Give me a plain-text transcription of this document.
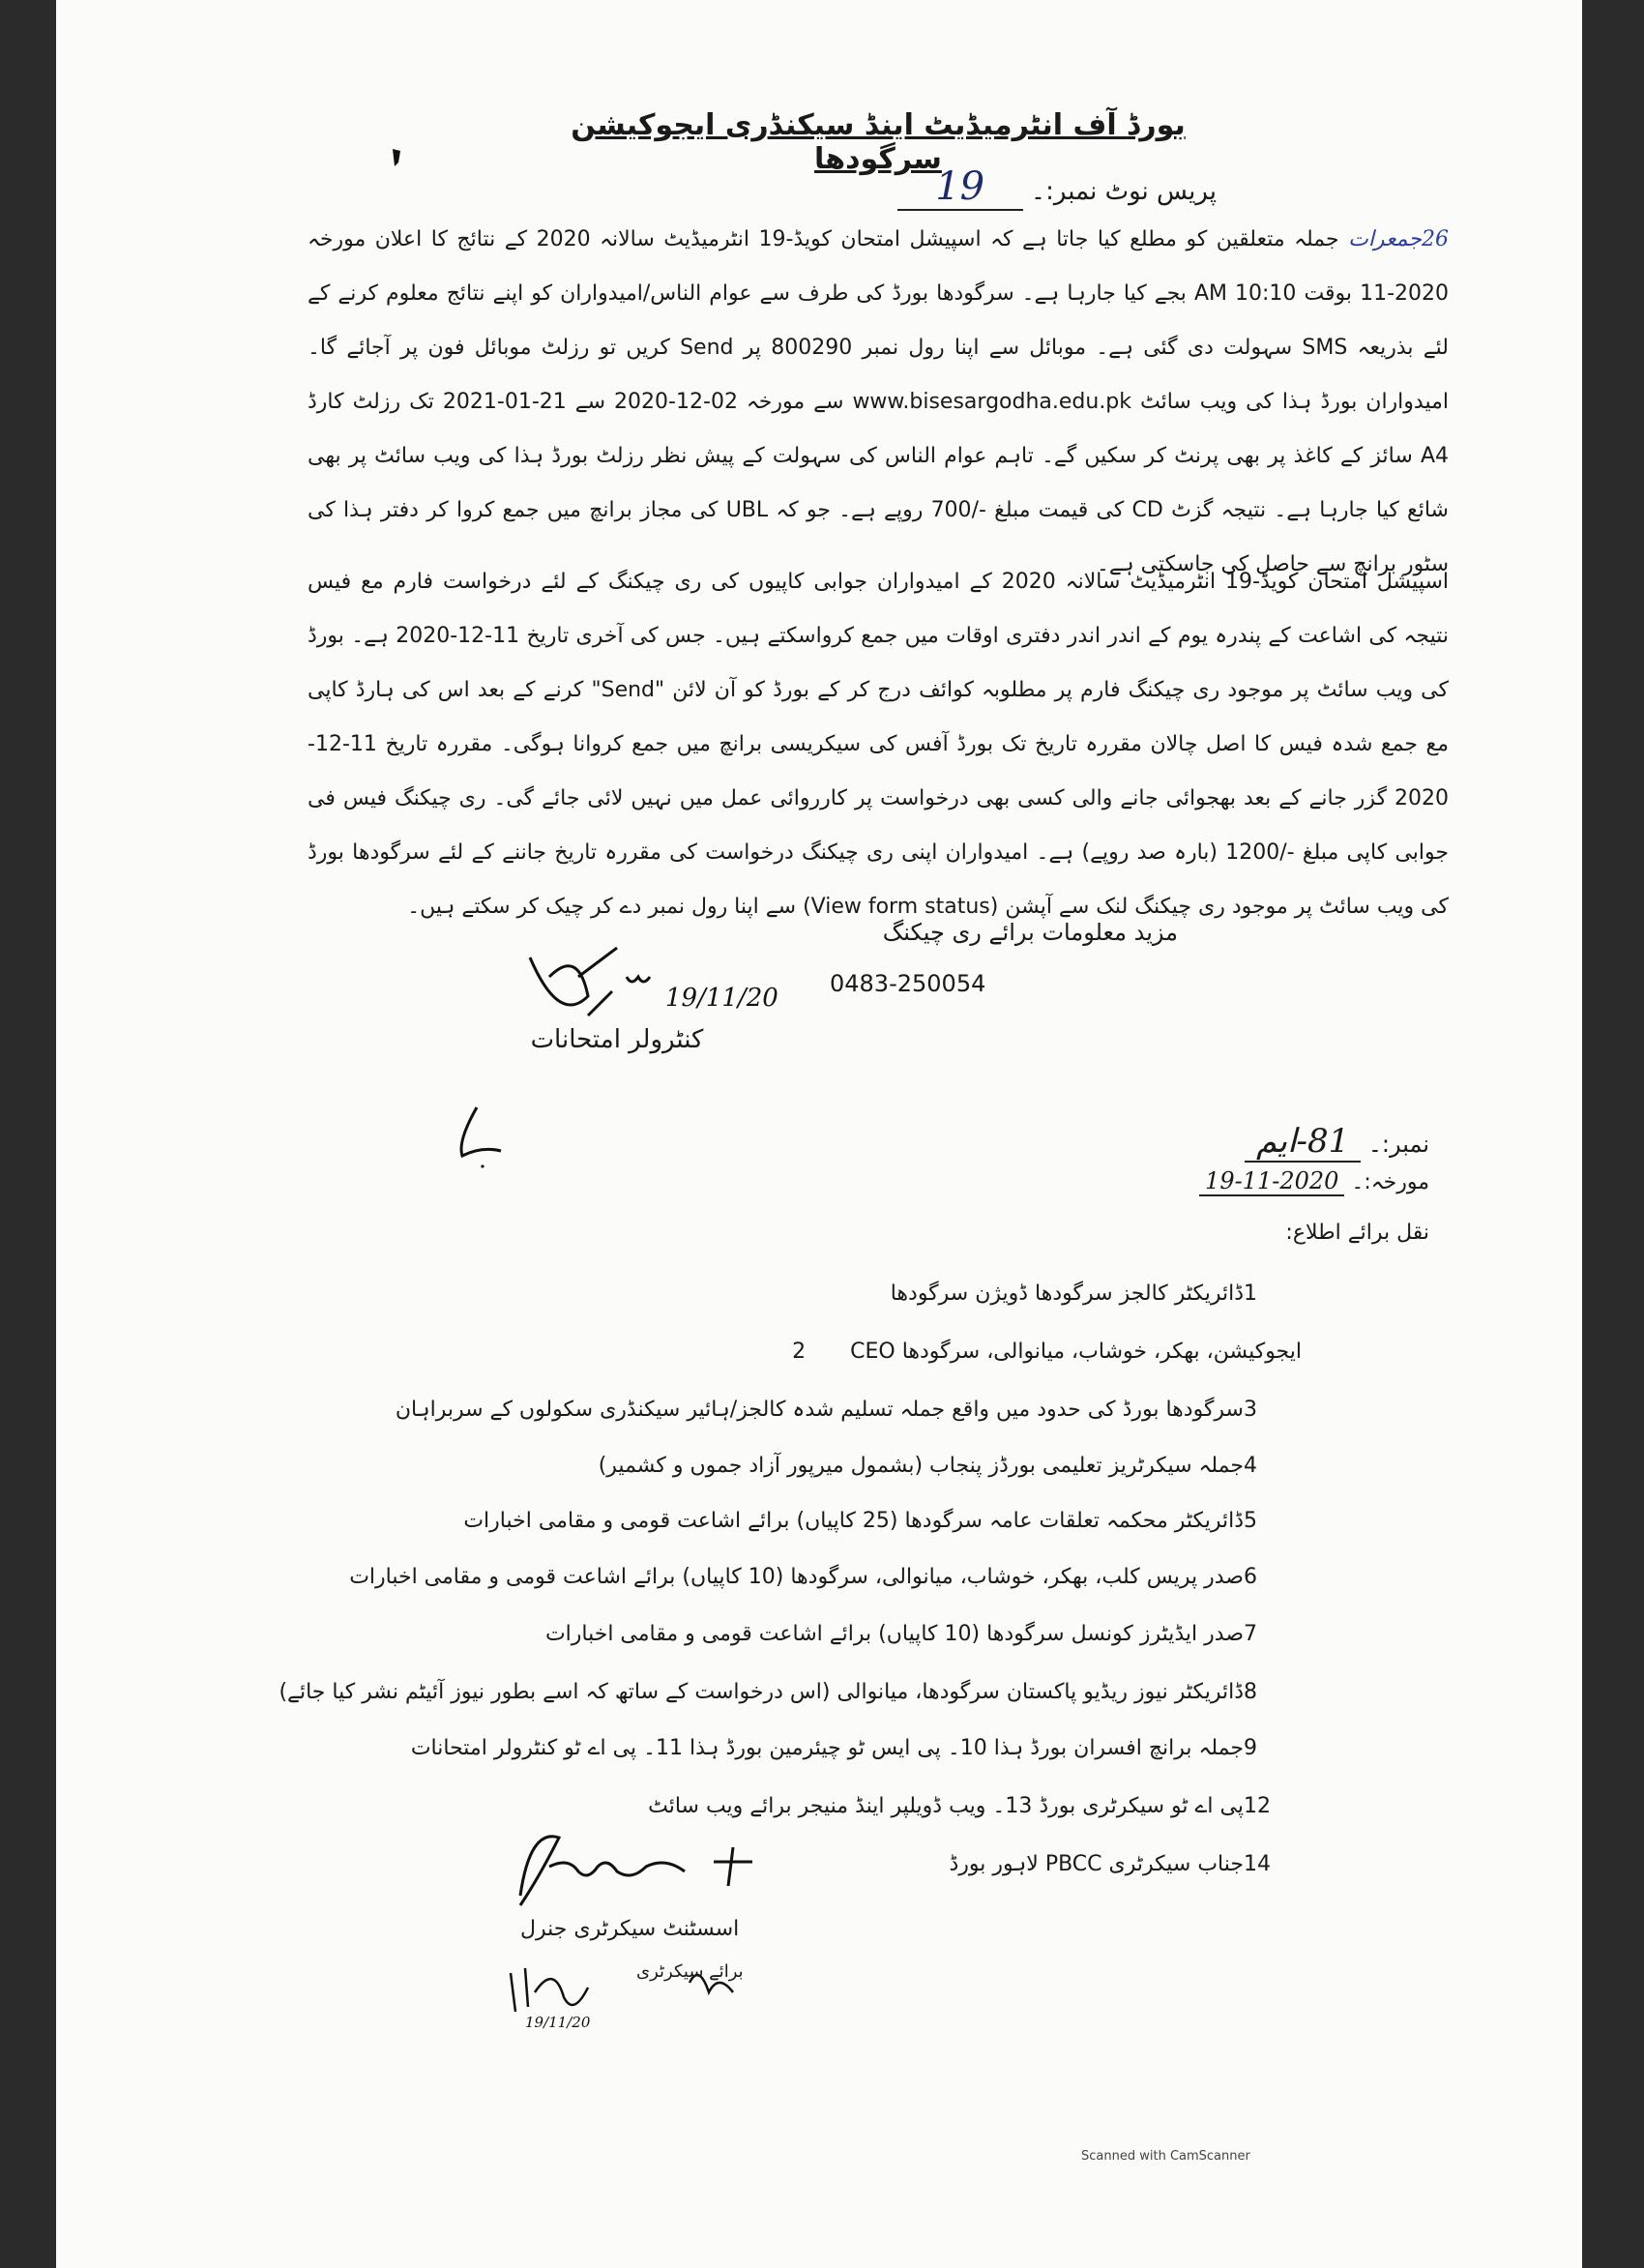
بورڈ آف انٹرمیڈیٹ اینڈ سیکنڈری ایجوکیشن سرگودھا
پریس نوٹ نمبر:۔ 19
26جمعرات جملہ متعلقین کو مطلع کیا جاتا ہے کہ اسپیشل امتحان کویڈ-19 انٹرمیڈیٹ سالانہ 2020 کے نتائج کا اعلان مورخہ 2020-11 بوقت 10:10 AM بجے کیا جارہا ہے۔ سرگودھا بورڈ کی طرف سے عوام الناس/امیدواران کو اپنے نتائج معلوم کرنے کے لئے بذریعہ SMS سہولت دی گئی ہے۔ موبائل سے اپنا رول نمبر 800290 پر Send کریں تو رزلٹ موبائل فون پر آجائے گا۔ امیدواران بورڈ ہذا کی ویب سائٹ www.bisesargodha.edu.pk سے مورخہ 02-12-2020 سے 21-01-2021 تک رزلٹ کارڈ A4 سائز کے کاغذ پر بھی پرنٹ کر سکیں گے۔ تاہم عوام الناس کی سہولت کے پیش نظر رزلٹ بورڈ ہذا کی ویب سائٹ پر بھی شائع کیا جارہا ہے۔ نتیجہ گزٹ CD کی قیمت مبلغ -/700 روپے ہے۔ جو کہ UBL کی مجاز برانچ میں جمع کروا کر دفتر ہذا کی سٹور برانچ سے حاصل کی جاسکتی ہے۔
اسپیشل امتحان کویڈ-19 انٹرمیڈیٹ سالانہ 2020 کے امیدواران جوابی کاپیوں کی ری چیکنگ کے لئے درخواست فارم مع فیس نتیجہ کی اشاعت کے پندرہ یوم کے اندر اندر دفتری اوقات میں جمع کرواسکتے ہیں۔ جس کی آخری تاریخ 11-12-2020 ہے۔ بورڈ کی ویب سائٹ پر موجود ری چیکنگ فارم پر مطلوبہ کوائف درج کر کے بورڈ کو آن لائن "Send" کرنے کے بعد اس کی ہارڈ کاپی مع جمع شدہ فیس کا اصل چالان مقررہ تاریخ تک بورڈ آفس کی سیکریسی برانچ میں جمع کروانا ہوگی۔ مقررہ تاریخ 11-12-2020 گزر جانے کے بعد بھجوائی جانے والی کسی بھی درخواست پر کارروائی عمل میں نہیں لائی جائے گی۔ ری چیکنگ فیس فی جوابی کاپی مبلغ -/1200 (بارہ صد روپے) ہے۔ امیدواران اپنی ری چیکنگ درخواست کی مقررہ تاریخ جاننے کے لئے سرگودھا بورڈ کی ویب سائٹ پر موجود ری چیکنگ لنک سے آپشن (View form status) سے اپنا رول نمبر دے کر چیک کر سکتے ہیں۔
مزید معلومات برائے ری چیکنگ
0483-250054
19/11/20
کنٹرولر امتحانات
نمبر:۔ 81-ایم
مورخہ:۔ 19-11-2020
نقل برائے اطلاع:
1ڈائریکٹر کالجز سرگودھا ڈویژن سرگودھا
2 CEO ایجوکیشن، بھکر، خوشاب، میانوالی، سرگودھا
3سرگودھا بورڈ کی حدود میں واقع جملہ تسلیم شدہ کالجز/ہائیر سیکنڈری سکولوں کے سربراہان
4جملہ سیکرٹریز تعلیمی بورڈز پنجاب (بشمول میرپور آزاد جموں و کشمیر)
5ڈائریکٹر محکمہ تعلقات عامہ سرگودھا (25 کاپیاں) برائے اشاعت قومی و مقامی اخبارات
6صدر پریس کلب، بھکر، خوشاب، میانوالی، سرگودھا (10 کاپیاں) برائے اشاعت قومی و مقامی اخبارات
7صدر ایڈیٹرز کونسل سرگودھا (10 کاپیاں) برائے اشاعت قومی و مقامی اخبارات
8ڈائریکٹر نیوز ریڈیو پاکستان سرگودھا، میانوالی (اس درخواست کے ساتھ کہ اسے بطور نیوز آئیٹم نشر کیا جائے)
9جملہ برانچ افسران بورڈ ہذا 10۔ پی ایس ٹو چیئرمین بورڈ ہذا 11۔ پی اے ٹو کنٹرولر امتحانات
12پی اے ٹو سیکرٹری بورڈ 13۔ ویب ڈویلپر اینڈ منیجر برائے ویب سائٹ
14جناب سیکرٹری PBCC لاہور بورڈ
اسسٹنٹ سیکرٹری جنرل
19/11/20
برائے سیکرٹری
Scanned with CamScanner
